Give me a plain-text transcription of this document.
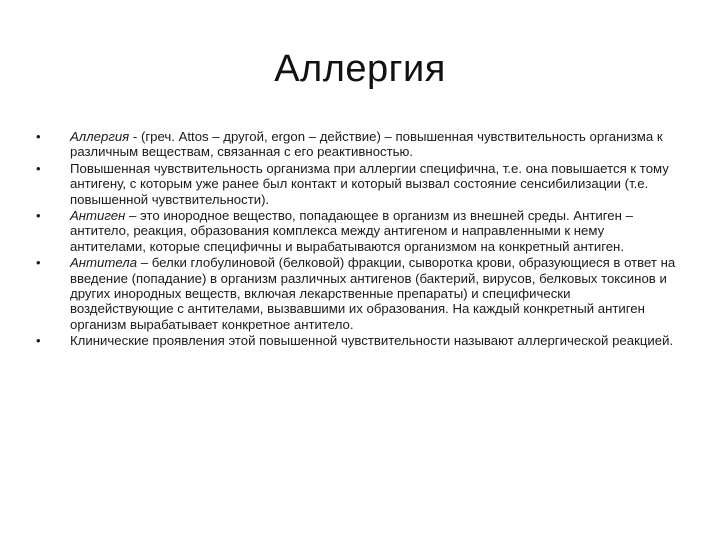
Аллергия
• Аллергия - (греч. Attos – другой, ergon – действие) – повышенная чувствительность организма к различным веществам, связанная с его реактивностью.
• Повышенная чувствительность организма при аллергии специфична, т.е. она повышается к тому антигену, с которым уже ранее был контакт и который вызвал состояние сенсибилизации (т.е. повышенной чувствительности).
• Антиген – это инородное вещество, попадающее в организм из внешней среды. Антиген – антитело, реакция, образования комплекса между антигеном и направленными к нему антителами, которые специфичны и вырабатываются организмом на конкретный антиген.
• Антитела – белки глобулиновой (белковой) фракции, сыворотка крови, образующиеся в ответ на введение (попадание) в организм различных антигенов (бактерий, вирусов, белковых токсинов и других инородных веществ, включая лекарственные препараты) и специфически воздействующие с антителами, вызвавшими их образования. На каждый конкретный антиген организм вырабатывает конкретное антитело.
• Клинические проявления этой повышенной чувствительности называют аллергической реакцией.
